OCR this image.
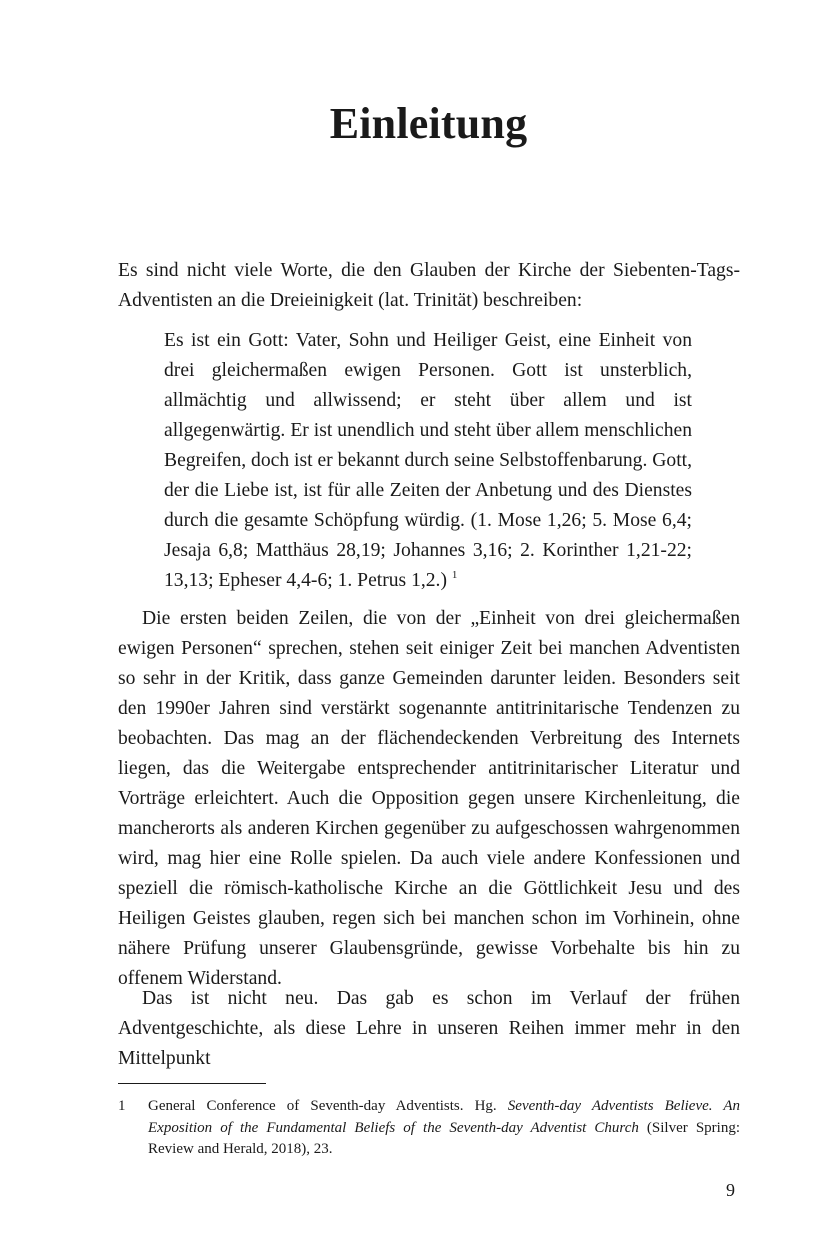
Einleitung

Es sind nicht viele Worte, die den Glauben der Kirche der Siebenten-Tags-Adventisten an die Dreieinigkeit (lat. Trinität) beschreiben:

Es ist ein Gott: Vater, Sohn und Heiliger Geist, eine Einheit von drei gleichermaßen ewigen Personen. Gott ist unsterblich, allmächtig und allwissend; er steht über allem und ist allgegenwärtig. Er ist unendlich und steht über allem menschlichen Begreifen, doch ist er bekannt durch seine Selbstoffenbarung. Gott, der die Liebe ist, ist für alle Zeiten der Anbetung und des Dienstes durch die gesamte Schöpfung würdig. (1. Mose 1,26; 5. Mose 6,4; Jesaja 6,8; Matthäus 28,19; Johannes 3,16; 2. Korinther 1,21-22; 13,13; Epheser 4,4-6; 1. Petrus 1,2.) $^1$

Die ersten beiden Zeilen, die von der „Einheit von drei gleichermaßen ewigen Personen“ sprechen, stehen seit einiger Zeit bei manchen Adventisten so sehr in der Kritik, dass ganze Gemeinden darunter leiden. Besonders seit den 1990er Jahren sind verstärkt sogenannte antitrinitarische Tendenzen zu beobachten. Das mag an der flächendeckenden Verbreitung des Internets liegen, das die Weitergabe entsprechender antitrinitarischer Literatur und Vorträge erleichtert. Auch die Opposition gegen unsere Kirchenleitung, die mancherorts als anderen Kirchen gegenüber zu aufgeschossen wahrgenommen wird, mag hier eine Rolle spielen. Da auch viele andere Konfessionen und speziell die römisch-katholische Kirche an die Göttlichkeit Jesu und des Heiligen Geistes glauben, regen sich bei manchen schon im Vorhinein, ohne nähere Prüfung unserer Glaubensgründe, gewisse Vorbehalte bis hin zu offenem Widerstand.

Das ist nicht neu. Das gab es schon im Verlauf der frühen Adventgeschichte, als diese Lehre in unseren Reihen immer mehr in den Mittelpunkt

1 General Conference of Seventh-day Adventists. Hg. Seventh-day Adventists Believe. An Exposition of the Fundamental Beliefs of the Seventh-day Adventist Church (Silver Spring: Review and Herald, 2018), 23.

9
